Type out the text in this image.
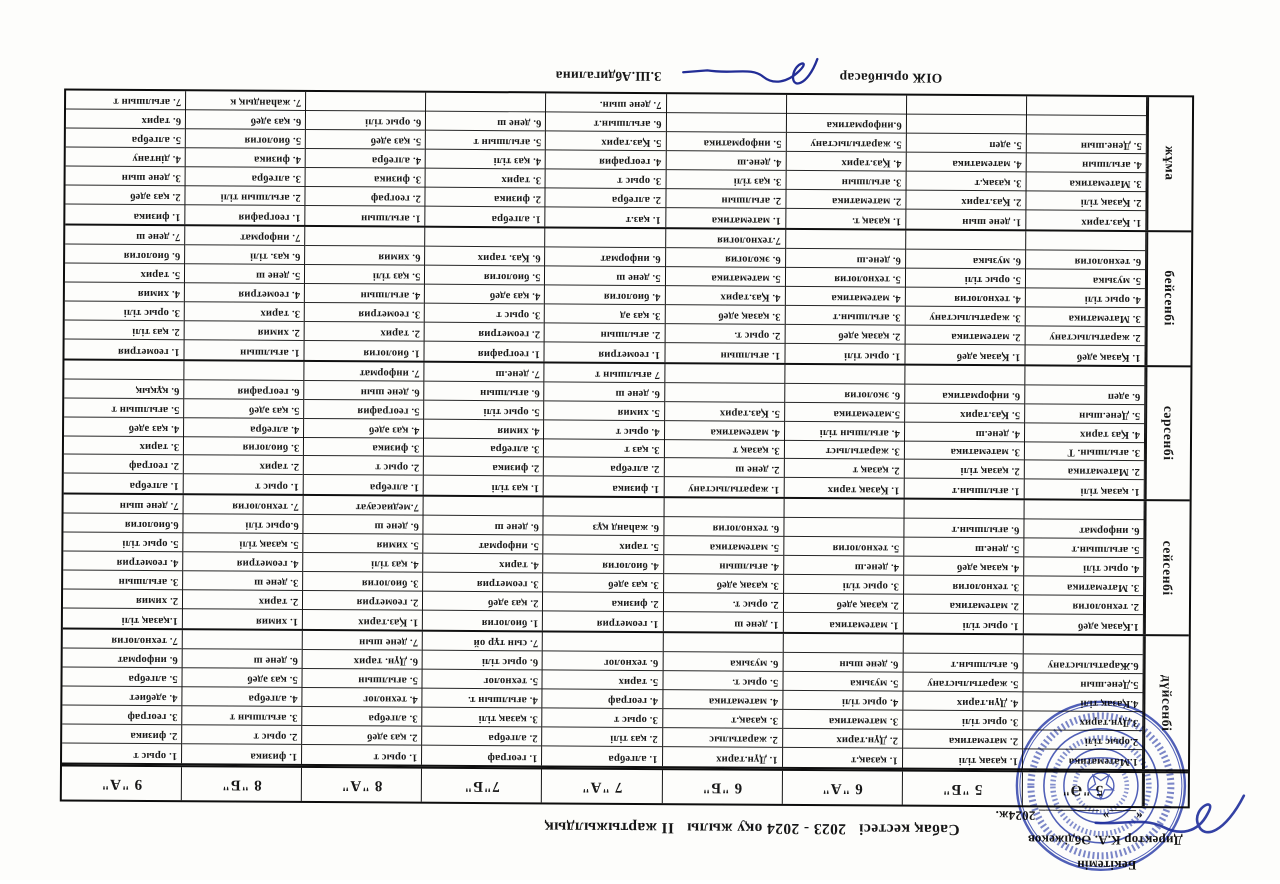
Бекітемін
Директор К.А. Әбдіжеков
«____» _________ 2024ж.
Сабақ кестесі   2023 - 2024 оқу жылы   II жартыжылдық
5 "Ә"
5 "Б"
6 "А"
6 "Б"
7 "А"
7"Б"
8 "А"
8 "Б"
9 "А"
дүйсенбі
1.Математика
2.орыс тілі
3.Дүн.тарих
4.Қазақ тілі
5.Дене.шын
6.Жаратылыстану
1. қазақ тілі
2. математика
3. орыс тілі
4. Дүн.тарих
5. жаратылыстану
6. ағылшын.т
1. қазақ.т
2. Дүн.тарих
3. математика
4. орыс тілі
5. музыка
6. дене шын
1. Дүн.тарих
2. жаратылыс
3. қазақ.т
4. математика
5. орыс т.
6. музыка
1. алгебра
2. қаз тілі
3. орыс т
4. географ
5. тарих
6. технолог
1. географ
2. алгебра
3. қазақ тілі
4. ағылшын т.
5. технолог
6. орыс тілі
7. сын тұр ой
1. орыс т
2. қаз әдеб
3. алгебра
4. технолог
5. ағылшын
6. Дүн. тарих
7. дене шын
1. физика
2. орыс т
3. ағылшын т
4. алгебра
5. қаз әдеб
6. дене ш
1. орыс т
2. физика
3. географ
4. әдебиет
5. алгебра
6. информат
7. технология
сейсенбі
1.Қазақ әдеб
2. технология
3. Математика
4. орыс тілі
5. ағылшын.т
6. информат
1. орыс тілі
2. математика
3. технология
4. қазақ әдеб
5. дене.ш
6. ағылшын.т
1. математика
2. қазақ әдеб
3. орыс тілі
4. дене.ш
5. технология
1. дене ш
2. орыс т.
3. қазақ әдеб
4. ағылшын
5. математика
6. технология
1. геометрия
2. физика
3. қаз әдеб
4. биология
5. тарих
6. жаһанд құз
1. биология
2. қаз әдеб
3. геометрия
4. тарих
5. информат
6. дене ш
1. Қаз.тарих
2. геометрия
3. биология
4. қаз тілі
5. химия
6. дене ш
7.медиасауат
1. химия
2. тарих
3. дене ш
4. геометрия
5. қазақ тілі
6.орыс тілі
7. технология
1.қазақ тілі
2. химия
3. ағылшын
4. геометрия
5. орыс тілі
6.биология
7. дене шын
сәрсенбі
1. қазақ тілі
2. Математика
3. ағылшын. Т
4. Қаз тарих
5. Дене.шын
6. әдеп
1. ағылшын.т
2. қазақ тілі
3. математика
4. дене.ш
5. Қаз.тарих
6. информатика
1. Қазақ тарих
2. қазақ т
3. жаратылыст
4. ағылшын тілі
5.математика
6. экология
1. жаратылыстану
2. дене ш
3. қазақ т
4. математика
5. Қаз.тарих
1. физика
2. алгебра
3. қаз т
4. орыс т
5. химия
6. дене ш
7 ағылшын т
1. қаз тілі
2. физика
3. алгебра
4. химия
5. орыс тілі
6. ағылшын
7. дене.ш
1. алгебра
2. орыс т
3. физика
4. қаз әдеб
5. география
6. дене шын
7. информат
1. орыс т
2. тарих
3. биология
4. алгебра
5. қаз әдеб
6. география
1. алгебра
2. географ
3. тарих
4. қаз әдеб
5. ағылшын т
6. құқық
бейсенбі
1. Қазақ әдеб
2. жаратылыстану
3. Математика
4. орыс тілі
5. музыка
6. технология
1. Қазақ әдеб
2. математика
3. жаратылыстану
4. технология
5. орыс тілі
6. музыка
1. орыс тілі
2. қазақ әдеб
3. ағылшын.т
4. математика
5. технология
6. дене.ш
1. ағылшын
2. орыс т.
3. қазақ әдеб
4. Қаз.тарих
5. математика
6. экология
7.технология
1. геометрия
2. ағылшын
3. қаз әд
4. биология
5. дене ш
6. информат
1. география
2. геометрия
3. орыс т
4. қаз әдеб
5. биология
6. Қаз. тарих
1. биология
2. тарих
3. геометрия
4. ағылшын
5. қаз тілі
6. химия
1. ағылшын
2. химия
3. тарих
4. геометрия
5. дене ш
6. қаз. тілі
7. информат
1. геометрия
2. қаз тілі
3. орыс тілі
4. химия
5. тарих
6. биология
7. дене ш
жұма
1. Қаз.тарих
2. Қазақ тілі
3. Математика
4. ағылшын
5. Дене.шын
1. дене шын
2. Қаз.тарих
3. қазақ.т
4. математика
5. әдеп
1. қазақ т.
2. математика
3. ағылшын
4. Қаз.тарих
5. жаратылыстану
6.информатика
1. математика
2. ағылшын
3. қаз тілі
4. дене.ш
5. информатика
1. қаз.т
2. алгебра
3. орыс т
4. география
5. Қаз.тарих
6. ағылшын.т
7. дене шын.
1. алгебра
2. физика
3. тарих
4. қаз тілі
5. ағылшын т
6. дене ш
1. ағылшын
2. географ
3. физика
4. алгебра
5. қаз әдеб
6. орыс тілі
1. география
2. ағылшын тілі
3. алгебра
4. физика
5. биология
6. қаз әдеб
7. жаһандық к
1. физика
2. қаз әдеб
3. дене шын
4. дінтану
5. алгебра
6. тарих
7. ағылшын т
ОІЖ орынбасар
З.Ш.Абдигалина
